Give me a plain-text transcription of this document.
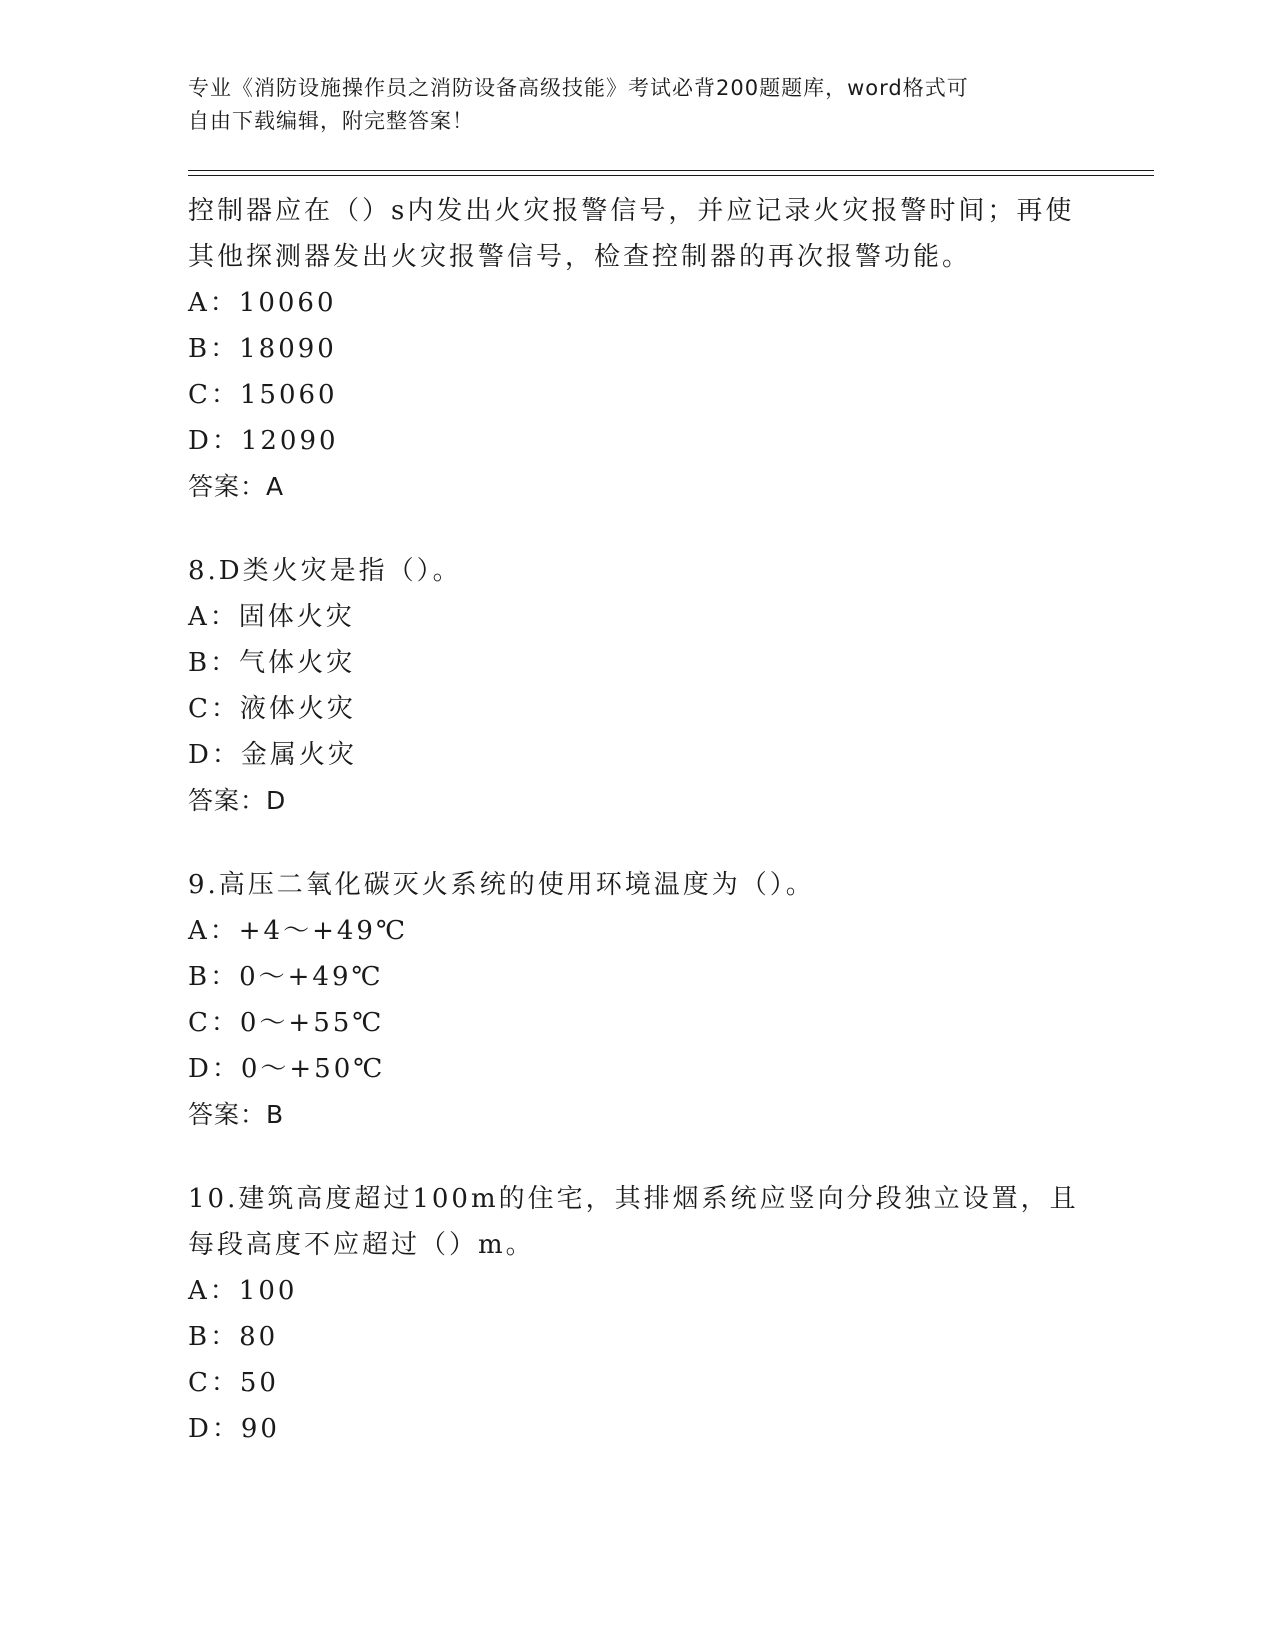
专业《消防设施操作员之消防设备高级技能》考试必背200题题库，word格式可
自由下载编辑，附完整答案！
控制器应在（）s内发出火灾报警信号，并应记录火灾报警时间；再使
其他探测器发出火灾报警信号，检查控制器的再次报警功能。
A：10060
B：18090
C：15060
D：12090
答案：A
8.D类火灾是指（）。
A：固体火灾
B：气体火灾
C：液体火灾
D：金属火灾
答案：D
9.高压二氧化碳灭火系统的使用环境温度为（）。
A：+4～+49℃
B：0～+49℃
C：0～+55℃
D：0～+50℃
答案：B
10.建筑高度超过100m的住宅，其排烟系统应竖向分段独立设置，且
每段高度不应超过（）m。
A：100
B：80
C：50
D：90
